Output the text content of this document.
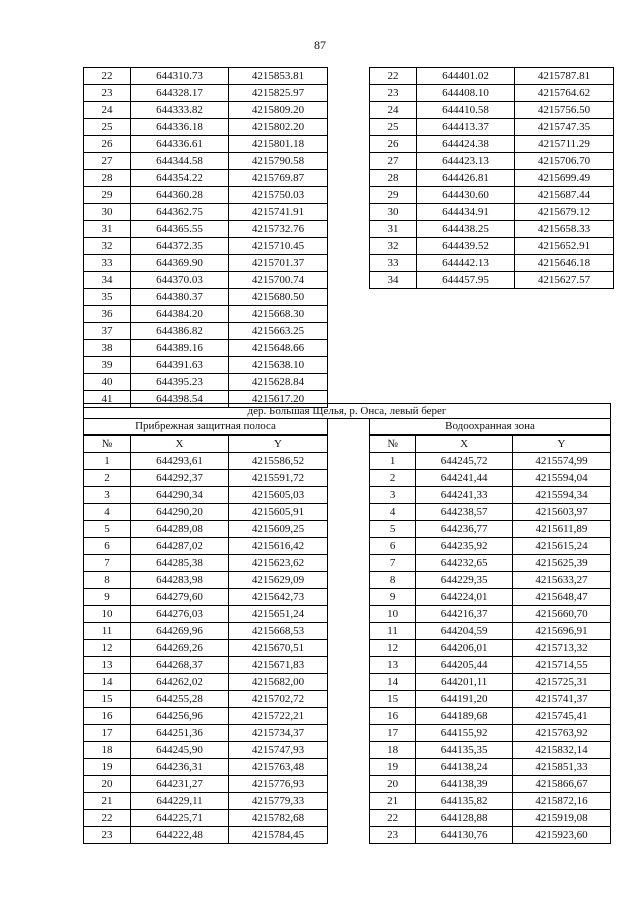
87
22	644310.73	4215853.81
23	644328.17	4215825.97
24	644333.82	4215809.20
25	644336.18	4215802.20
26	644336.61	4215801.18
27	644344.58	4215790.58
28	644354.22	4215769.87
29	644360.28	4215750.03
30	644362.75	4215741.91
31	644365.55	4215732.76
32	644372.35	4215710.45
33	644369.90	4215701.37
34	644370.03	4215700.74
35	644380.37	4215680.50
36	644384.20	4215668.30
37	644386.82	4215663.25
38	644389.16	4215648.66
39	644391.63	4215638.10
40	644395.23	4215628.84
41	644398.54	4215617.20
22	644401.02	4215787.81
23	644408.10	4215764.62
24	644410.58	4215756.50
25	644413.37	4215747.35
26	644424.38	4215711.29
27	644423.13	4215706.70
28	644426.81	4215699.49
29	644430.60	4215687.44
30	644434.91	4215679.12
31	644438.25	4215658.33
32	644439.52	4215652.91
33	644442.13	4215646.18
34	644457.95	4215627.57
дер. Большая Щелья, р. Онса, левый берег
Прибрежная защитная полоса
№	X	Y
1	644293,61	4215586,52
2	644292,37	4215591,72
3	644290,34	4215605,03
4	644290,20	4215605,91
5	644289,08	4215609,25
6	644287,02	4215616,42
7	644285,38	4215623,62
8	644283,98	4215629,09
9	644279,60	4215642,73
10	644276,03	4215651,24
11	644269,96	4215668,53
12	644269,26	4215670,51
13	644268,37	4215671,83
14	644262,02	4215682,00
15	644255,28	4215702,72
16	644256,96	4215722,21
17	644251,36	4215734,37
18	644245,90	4215747,93
19	644236,31	4215763,48
20	644231,27	4215776,93
21	644229,11	4215779,33
22	644225,71	4215782,68
23	644222,48	4215784,45
Водоохранная зона
№	X	Y
1	644245,72	4215574,99
2	644241,44	4215594,04
3	644241,33	4215594,34
4	644238,57	4215603,97
5	644236,77	4215611,89
6	644235,92	4215615,24
7	644232,65	4215625,39
8	644229,35	4215633,27
9	644224,01	4215648,47
10	644216,37	4215660,70
11	644204,59	4215696,91
12	644206,01	4215713,32
13	644205,44	4215714,55
14	644201,11	4215725,31
15	644191,20	4215741,37
16	644189,68	4215745,41
17	644155,92	4215763,92
18	644135,35	4215832,14
19	644138,24	4215851,33
20	644138,39	4215866,67
21	644135,82	4215872,16
22	644128,88	4215919,08
23	644130,76	4215923,60
